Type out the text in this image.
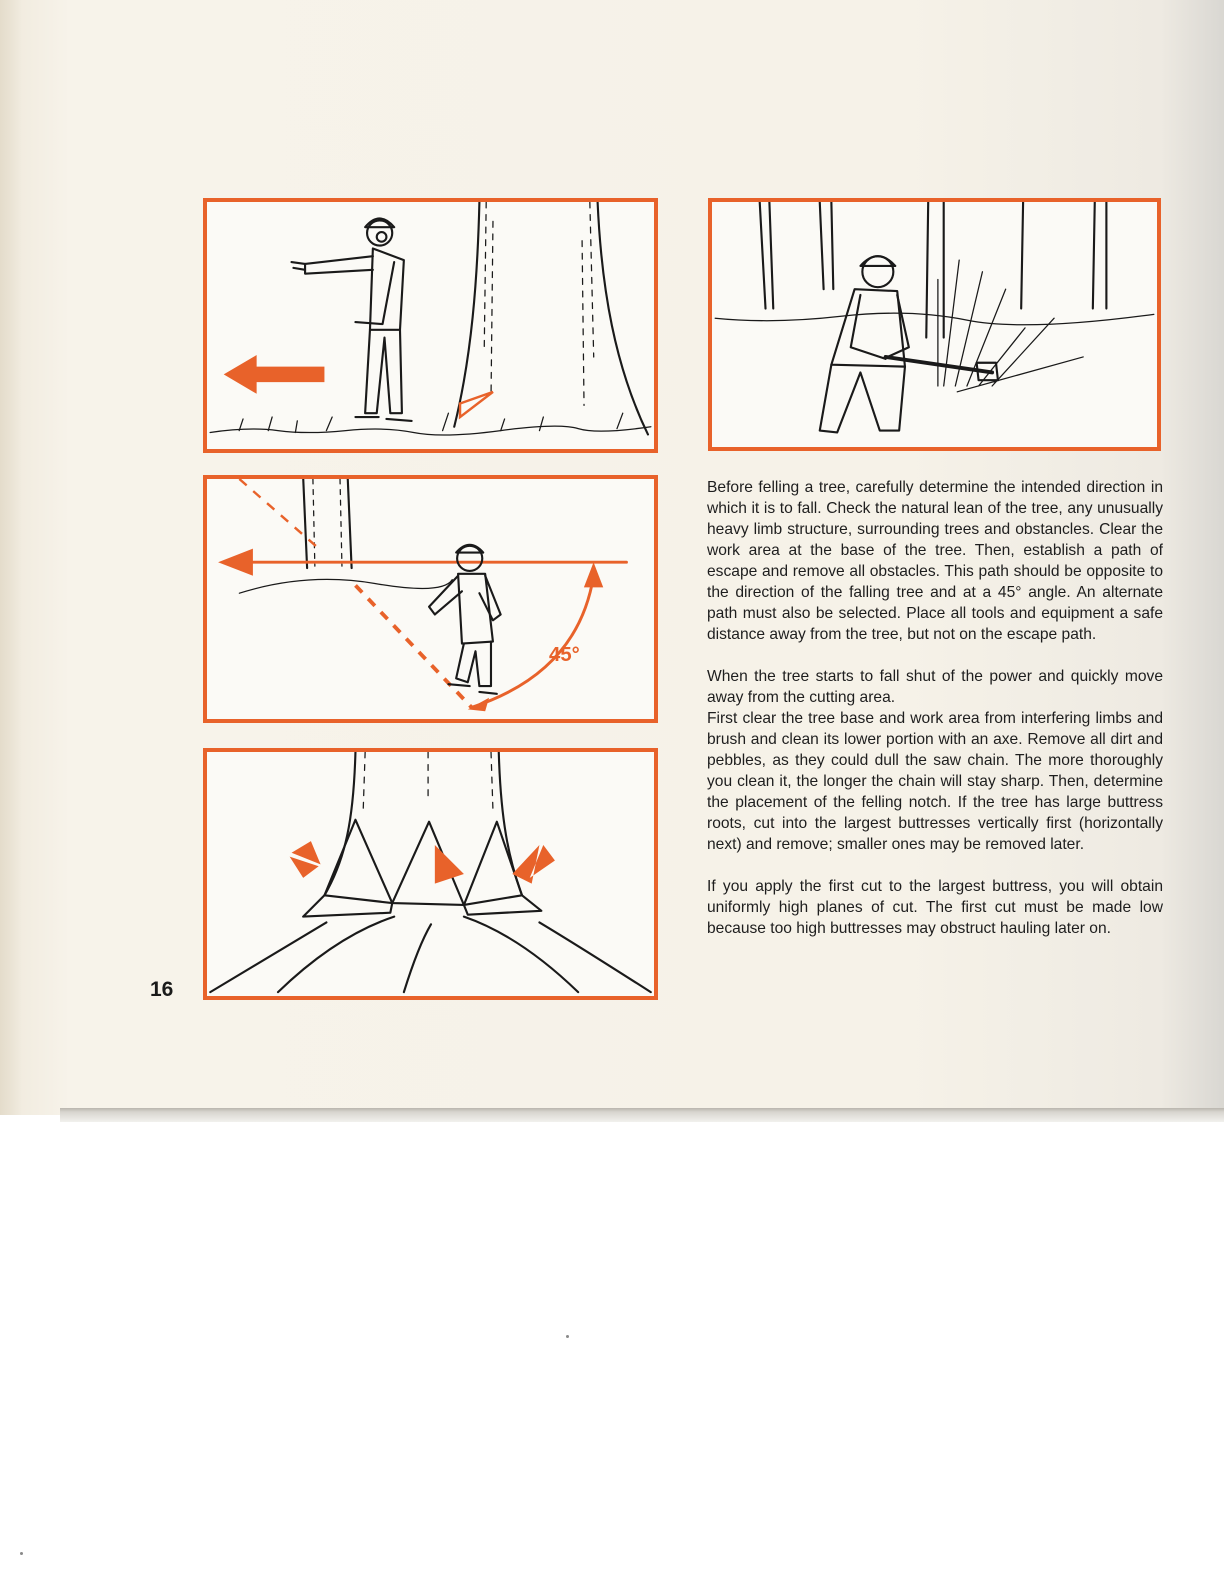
45°
16

Before felling a tree, carefully determine the intended direction in which it is to fall. Check the natural lean of the tree, any unusually heavy limb structure, surrounding trees and obstancles. Clear the work area at the base of the tree. Then, establish a path of escape and remove all obstacles. This path should be opposite to the direction of the falling tree and at a 45° angle. An alternate path must also be selected. Place all tools and equipment a safe distance away from the tree, but not on the escape path.

When the tree starts to fall shut of the power and quickly move away from the cutting area.

First clear the tree base and work area from interfering limbs and brush and clean its lower portion with an axe. Remove all dirt and pebbles, as they could dull the saw chain. The more thoroughly you clean it, the longer the chain will stay sharp. Then, determine the placement of the felling notch. If the tree has large buttress roots, cut into the largest buttresses vertically first (horizontally next) and remove; smaller ones may be removed later.

If you apply the first cut to the largest buttress, you will obtain uniformly high planes of cut. The first cut must be made low because too high buttresses may obstruct hauling later on.
